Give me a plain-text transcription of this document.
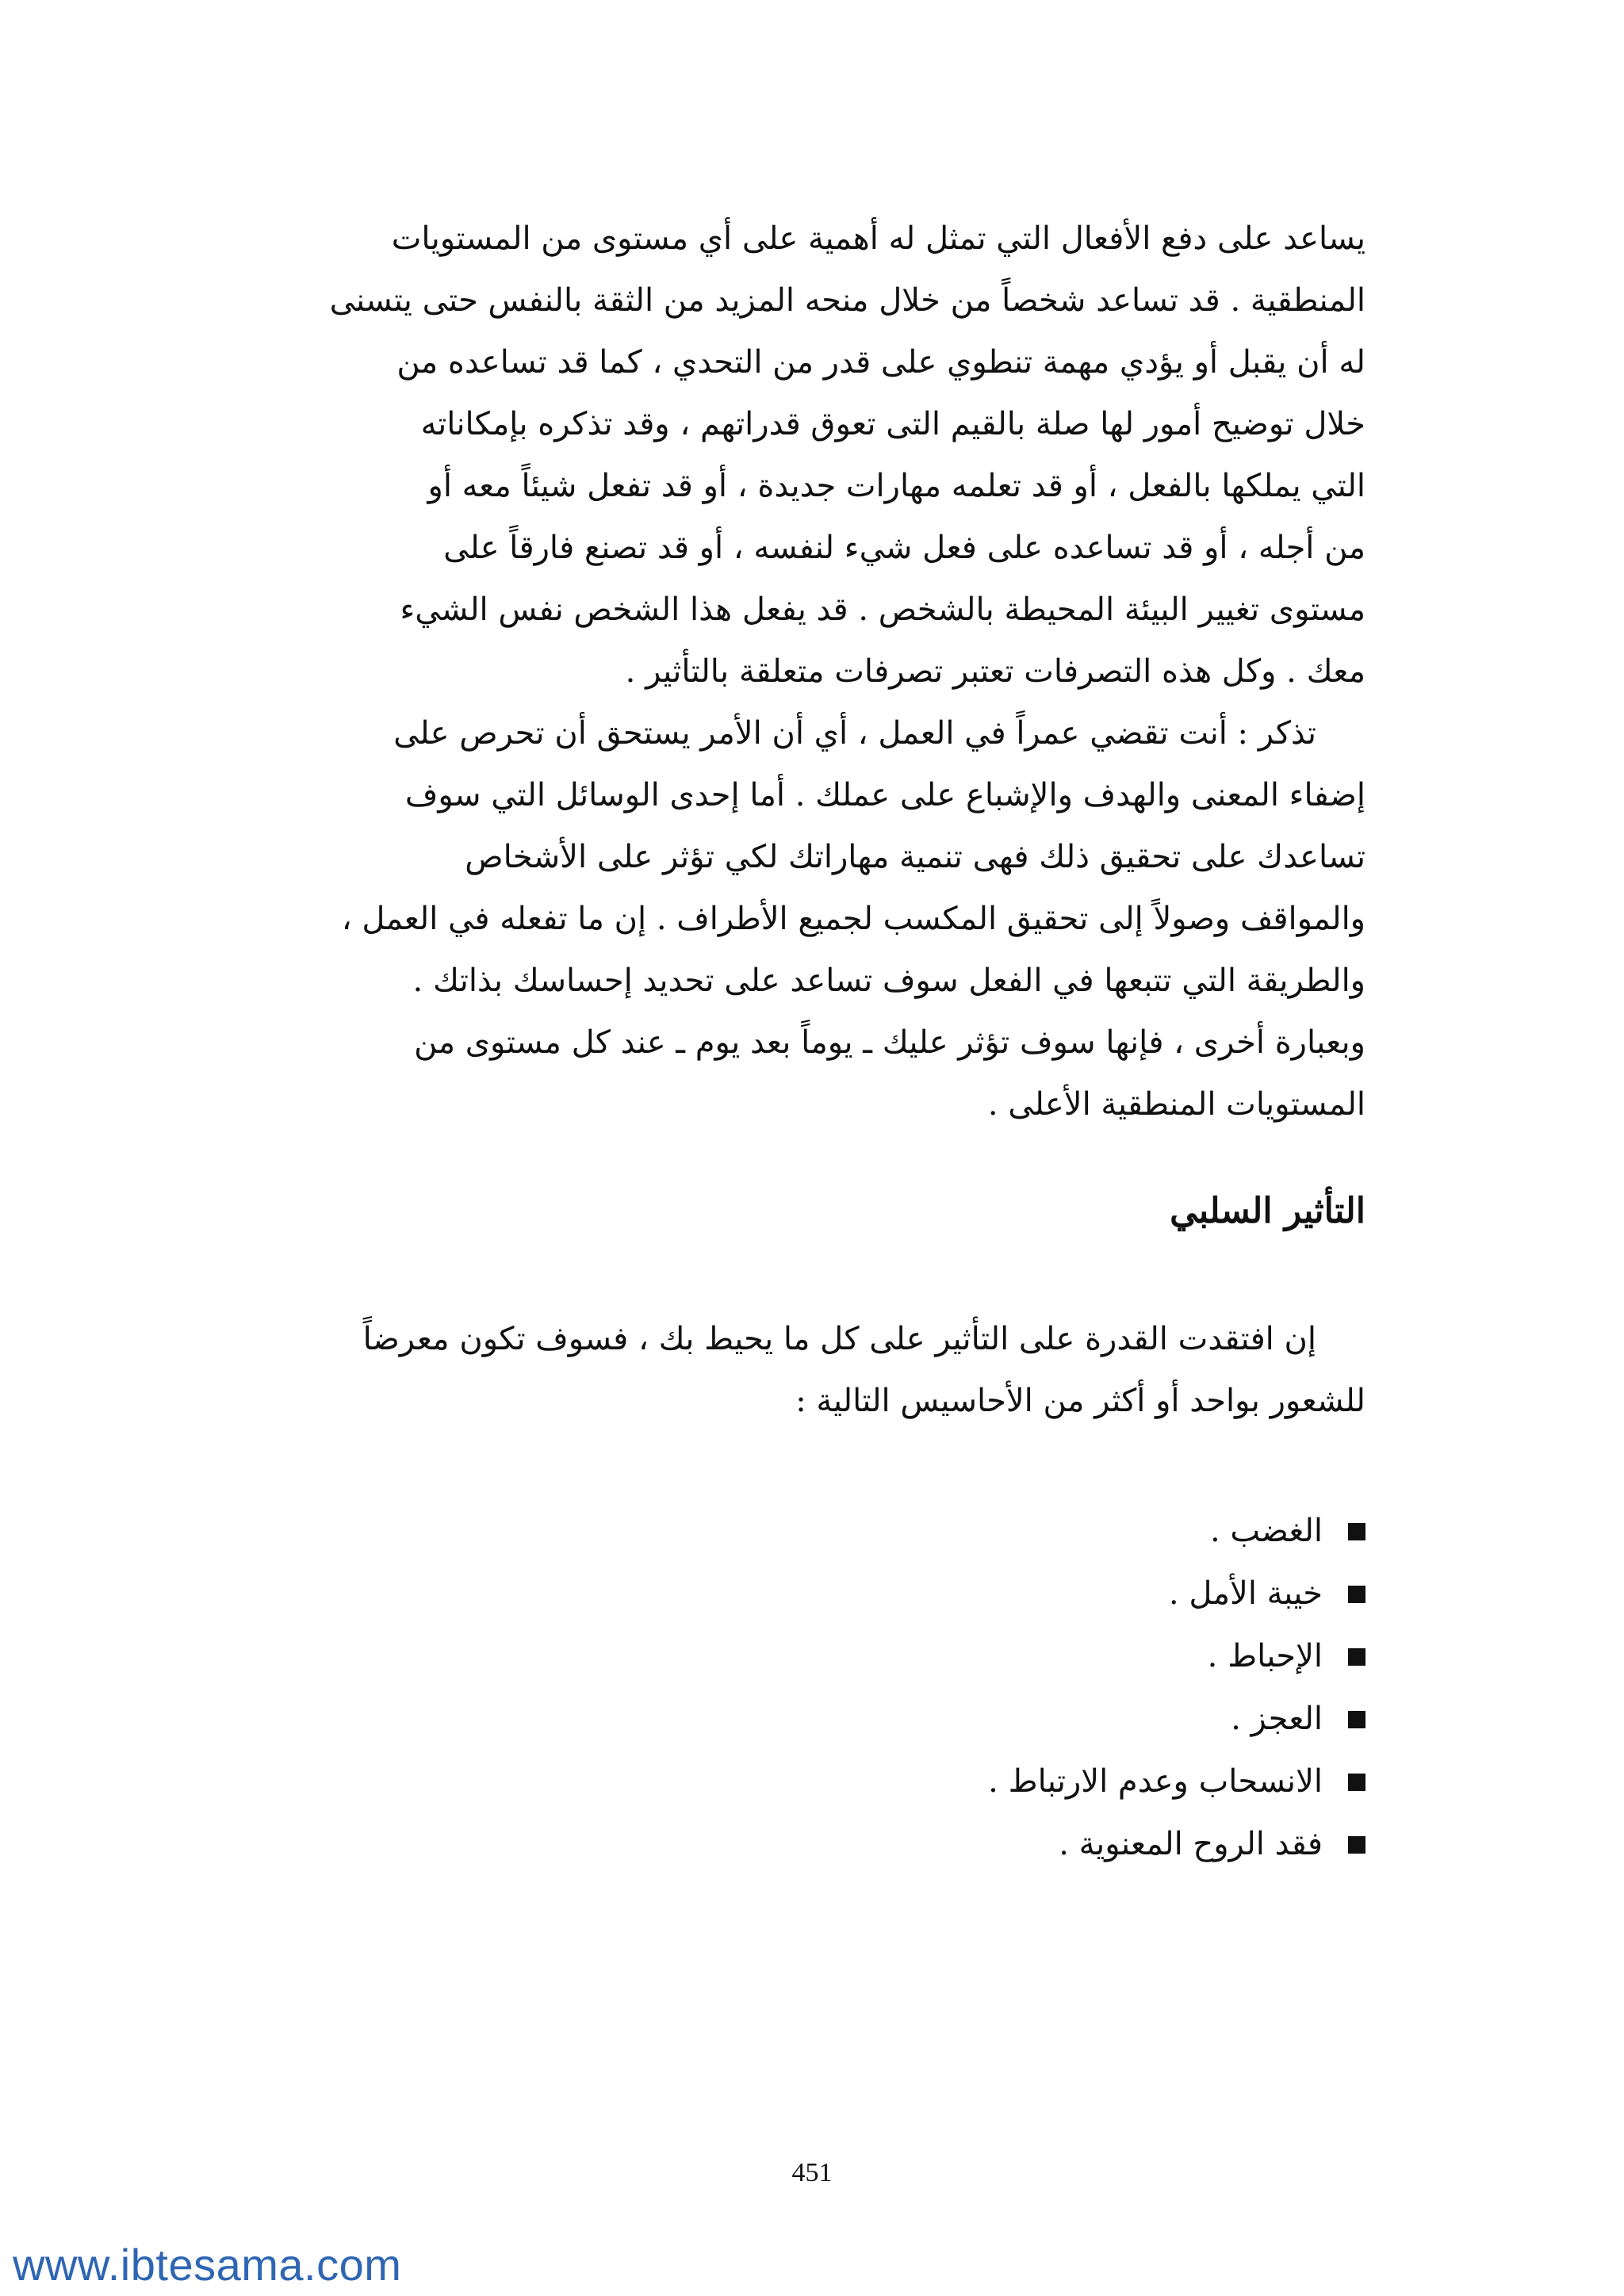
يساعد على دفع الأفعال التي تمثل له أهمية على أي مستوى من المستويات

المنطقية . قد تساعد شخصاً من خلال منحه المزيد من الثقة بالنفس حتى يتسنى

له أن يقبل أو يؤدي مهمة تنطوي على قدر من التحدي ، كما قد تساعده من

خلال توضيح أمور لها صلة بالقيم التى تعوق قدراتهم ، وقد تذكره بإمكاناته

التي يملكها بالفعل ، أو قد تعلمه مهارات جديدة ، أو قد تفعل شيئاً معه أو

من أجله ، أو قد تساعده على فعل شيء لنفسه ، أو قد تصنع فارقاً على

مستوى تغيير البيئة المحيطة بالشخص . قد يفعل هذا الشخص نفس الشيء

معك . وكل هذه التصرفات تعتبر تصرفات متعلقة بالتأثير .

تذكر : أنت تقضي عمراً في العمل ، أي أن الأمر يستحق أن تحرص على

إضفاء المعنى والهدف والإشباع على عملك . أما إحدى الوسائل التي سوف

تساعدك على تحقيق ذلك فهى تنمية مهاراتك لكي تؤثر على الأشخاص

والمواقف وصولاً إلى تحقيق المكسب لجميع الأطراف . إن ما تفعله في العمل ،

والطريقة التي تتبعها في الفعل سوف تساعد على تحديد إحساسك بذاتك .

وبعبارة أخرى ، فإنها سوف تؤثر عليك ـ يوماً بعد يوم ـ عند كل مستوى من

المستويات المنطقية الأعلى .

التأثير السلبي

إن افتقدت القدرة على التأثير على كل ما يحيط بك ، فسوف تكون معرضاً

للشعور بواحد أو أكثر من الأحاسيس التالية :

الغضب .
خيبة الأمل .
الإحباط .
العجز .
الانسحاب وعدم الارتباط .
فقد الروح المعنوية .
451
www.ibtesama.com
